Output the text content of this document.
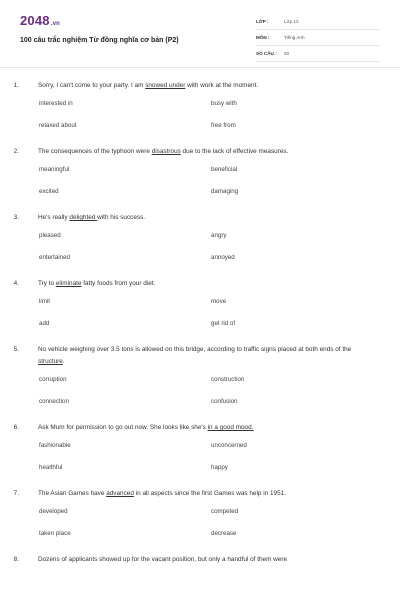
2048.vn
100 câu trắc nghiệm Từ đồng nghĩa cơ bản (P2)
LỚP :	Lớp 12
MÔN :	Tiếng Anh
SỐ CÂU :	20
1.	Sorry, I can't come to your party. I am snowed under with work at the moment.
interested in	busy with
relaxed about	free from
2.	The consequences of the typhoon were disastrous due to the lack of effective measures.
meaningful	beneficial
excited	damaging
3.	He's really delighted with his success.
pleased	angry
entertained	annoyed
4.	Try to eliminate fatty foods from your diet.
limit	move
add	get rid of
5.	No vehicle weighing over 3.5 tons is allowed on this bridge, according to traffic signs placed at both ends of the structure.
corruption	construction
connection	confusion
6.	Ask Mum for permission to go out now. She looks like she's in a good mood.
fashionable	unconcerned
healthful	happy
7.	The Asian Games have advanced in all aspects since the first Games was help in 1951.
developed	competed
taken place	decrease
8.	Dozens of applicants showed up for the vacant position, but only a handful of them were
